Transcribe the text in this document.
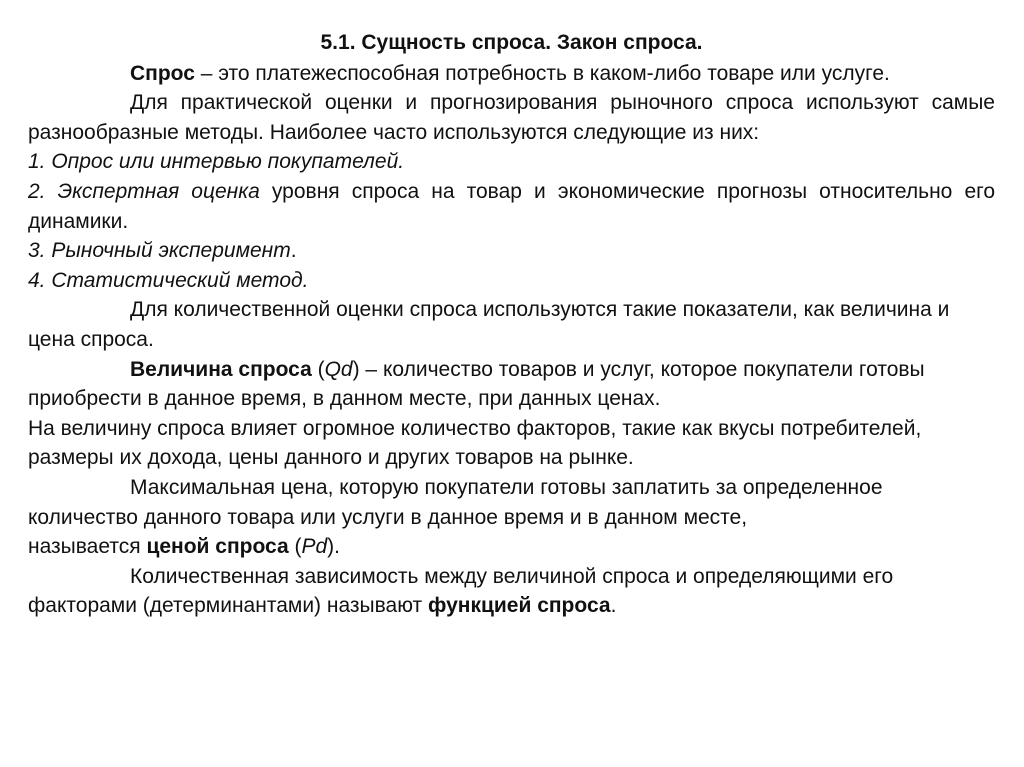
5.1. Сущность спроса. Закон спроса.

Спрос – это платежеспособная потребность в каком-либо товаре или услуге.

Для практической оценки и прогнозирования рыночного спроса используют самые разнообразные методы. Наиболее часто используются следующие из них:

1. Опрос или интервью покупателей.

2. Экспертная оценка уровня спроса на товар и экономические прогнозы относительно его динамики.

3. Рыночный эксперимент.

4. Статистический метод.

Для количественной оценки спроса используются такие показатели, как величина и цена спроса.

Величина спроса (Qd) – количество товаров и услуг, которое покупатели готовы приобрести в данное время, в данном месте, при данных ценах.

На величину спроса влияет огромное количество факторов, такие как вкусы потребителей, размеры их дохода, цены данного и других товаров на рынке.

Максимальная цена, которую покупатели готовы заплатить за определенное количество данного товара или услуги в данное время и в данном месте,
называется ценой спроса (Pd).

Количественная зависимость между величиной спроса и определяющими его факторами (детерминантами) называют функцией спроса.
